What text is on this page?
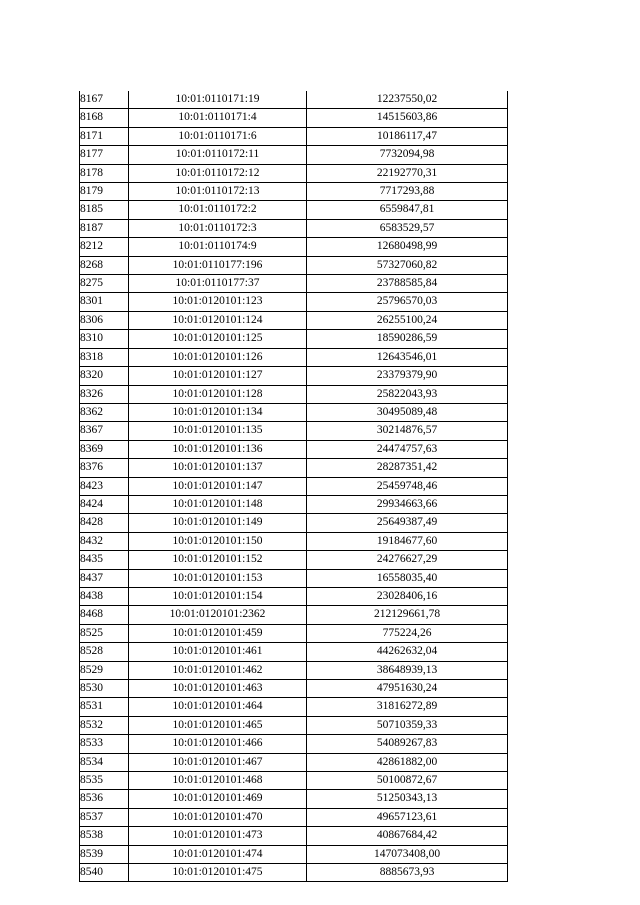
8167	10:01:0110171:19	12237550,02
8168	10:01:0110171:4	14515603,86
8171	10:01:0110171:6	10186117,47
8177	10:01:0110172:11	7732094,98
8178	10:01:0110172:12	22192770,31
8179	10:01:0110172:13	7717293,88
8185	10:01:0110172:2	6559847,81
8187	10:01:0110172:3	6583529,57
8212	10:01:0110174:9	12680498,99
8268	10:01:0110177:196	57327060,82
8275	10:01:0110177:37	23788585,84
8301	10:01:0120101:123	25796570,03
8306	10:01:0120101:124	26255100,24
8310	10:01:0120101:125	18590286,59
8318	10:01:0120101:126	12643546,01
8320	10:01:0120101:127	23379379,90
8326	10:01:0120101:128	25822043,93
8362	10:01:0120101:134	30495089,48
8367	10:01:0120101:135	30214876,57
8369	10:01:0120101:136	24474757,63
8376	10:01:0120101:137	28287351,42
8423	10:01:0120101:147	25459748,46
8424	10:01:0120101:148	29934663,66
8428	10:01:0120101:149	25649387,49
8432	10:01:0120101:150	19184677,60
8435	10:01:0120101:152	24276627,29
8437	10:01:0120101:153	16558035,40
8438	10:01:0120101:154	23028406,16
8468	10:01:0120101:2362	212129661,78
8525	10:01:0120101:459	775224,26
8528	10:01:0120101:461	44262632,04
8529	10:01:0120101:462	38648939,13
8530	10:01:0120101:463	47951630,24
8531	10:01:0120101:464	31816272,89
8532	10:01:0120101:465	50710359,33
8533	10:01:0120101:466	54089267,83
8534	10:01:0120101:467	42861882,00
8535	10:01:0120101:468	50100872,67
8536	10:01:0120101:469	51250343,13
8537	10:01:0120101:470	49657123,61
8538	10:01:0120101:473	40867684,42
8539	10:01:0120101:474	147073408,00
8540	10:01:0120101:475	8885673,93
